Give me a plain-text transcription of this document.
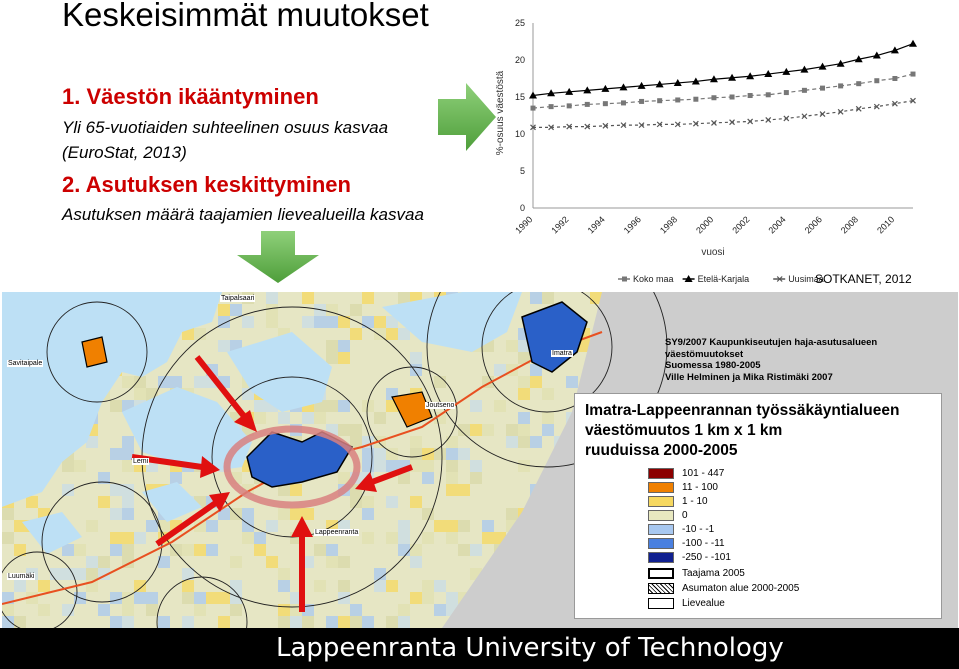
Keskeisimmät muutokset
1. Väestön ikääntyminen
Yli 65-vuotiaiden suhteelinen osuus kasvaa
(EuroStat, 2013)
2. Asutuksen keskittyminen
Asutuksen määrä taajamien lievealueilla kasvaa	0
5
10
15
20
25
1990 1992 1994 1996 1998 2000 2002 2004 2006 2008 2010
%-osuus väestöstä
vuosi
Koko maa	Etelä-Karjala	Uusimaa
SOTKANET, 2012
Taipalsaari
Savitaipale
Imatra
Joutseno
Lappeenranta
Luumäki
Lemi
SY9/2007 Kaupunkiseutujen haja-asutusalueen
väestömuutokset
Suomessa 1980-2005
Ville Helminen ja Mika Ristimäki 2007
Imatra-Lappeenrannan työssäkäyntialueen
väestömuutos 1 km x 1 km
ruuduissa 2000-2005
101 - 447
11 - 100
1 - 10
0
-10 - -1
-100 - -11
-250 - -101
Taajama 2005
Asumaton alue 2000-2005
Lievealue
Lappeenranta University of Technology
